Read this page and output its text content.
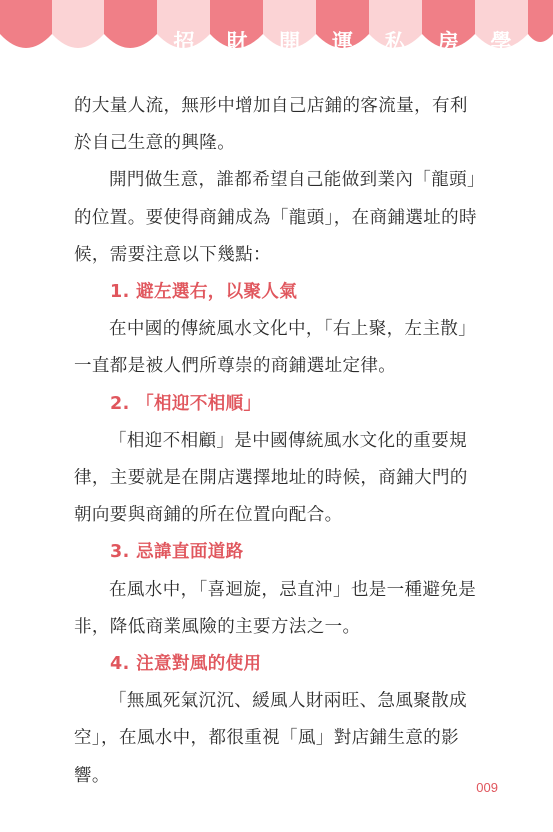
招	財	開	運	私	房	學

的大量人流，無形中增加自己店鋪的客流量，有利於自己生意的興隆。

開門做生意，誰都希望自己能做到業內「龍頭」的位置。要使得商鋪成為「龍頭」，在商鋪選址的時候，需要注意以下幾點：

1. 避左選右，以聚人氣

在中國的傳統風水文化中，「右上聚，左主散」一直都是被人們所尊崇的商鋪選址定律。

2. 「相迎不相順」

「相迎不相顧」是中國傳統風水文化的重要規律，主要就是在開店選擇地址的時候，商鋪大門的朝向要與商鋪的所在位置向配合。

3. 忌諱直面道路

在風水中，「喜迴旋，忌直沖」也是一種避免是非，降低商業風險的主要方法之一。

4. 注意對風的使用

「無風死氣沉沉、緩風人財兩旺、急風聚散成空」，在風水中，都很重視「風」對店鋪生意的影響。

009
